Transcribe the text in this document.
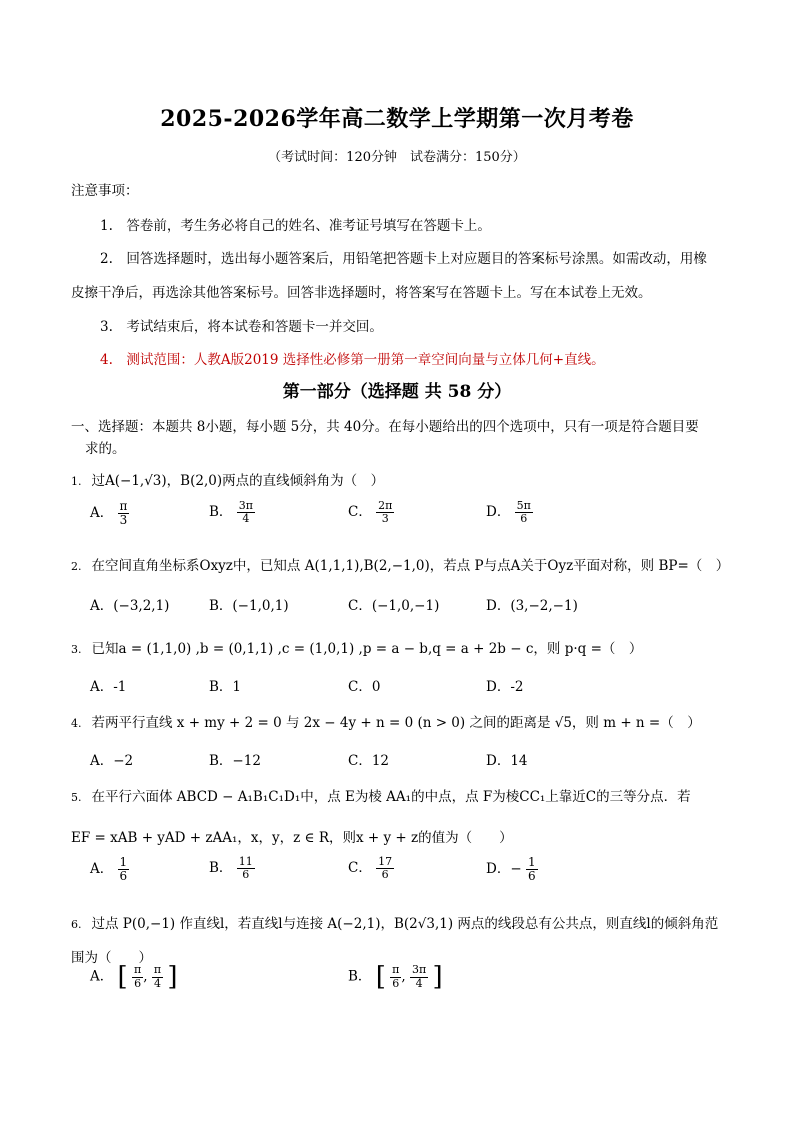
2025-2026学年高二数学上学期第一次月考卷
（考试时间：120分钟　试卷满分：150分）
注意事项：
1.　答卷前，考生务必将自己的姓名、准考证号填写在答题卡上。
2.　回答选择题时，选出每小题答案后，用铅笔把答题卡上对应题目的答案标号涂黑。如需改动，用橡
皮擦干净后，再选涂其他答案标号。回答非选择题时，将答案写在答题卡上。写在本试卷上无效。
3.　考试结束后，将本试卷和答题卡一并交回。
4.　测试范围：人教A版2019 选择性必修第一册第一章空间向量与立体几何+直线。
第一部分（选择题 共 58 分）
一、选择题：本题共 8小题，每小题 5分，共 40分。在每小题给出的四个选项中，只有一项是符合题目要
求的。
1. 过A(−1,√3)，B(2,0)两点的直线倾斜角为（　）
A． $\frac{\pi}{3}$	B． $\frac{3\pi}{4}$	C． $\frac{2\pi}{3}$	D． $\frac{5\pi}{6}$
2. 在空间直角坐标系Oxyz中，已知点 A(1,1,1),B(2,−1,0)，若点 P与点A关于Oyz平面对称，则 BP=（　）
A．(−3,2,1)	B．(−1,0,1)	C．(−1,0,−1)	D．(3,−2,−1)
3. 已知a = (1,1,0) ,b = (0,1,1) ,c = (1,0,1) ,p = a − b,q = a + 2b − c，则 p·q =（　）
A．-1	B．1	C．0	D．-2
4. 若两平行直线 x + my + 2 = 0 与 2x − 4y + n = 0 (n > 0) 之间的距离是 √5，则 m + n =（　）
A．−2	B．−12	C．12	D．14
5. 在平行六面体 ABCD − A₁B₁C₁D₁中，点 E为棱 AA₁的中点，点 F为棱CC₁上靠近C的三等分点．若
EF = xAB + yAD + zAA₁，x，y，z ∈ R，则x + y + z的值为（　　）
A． $\frac{1}{6}$	B． $\frac{11}{6}$	C． $\frac{17}{6}$	D．− $\frac{1}{6}$
6. 过点 P(0,−1) 作直线l，若直线l与连接 A(−2,1)，B(2√3,1) 两点的线段总有公共点，则直线l的倾斜角范
围为（　　）
A． [ $\frac{\pi}{6}$ , $\frac{\pi}{4}$ ]	B． [ $\frac{\pi}{6}$ , $\frac{3\pi}{4}$ ]
